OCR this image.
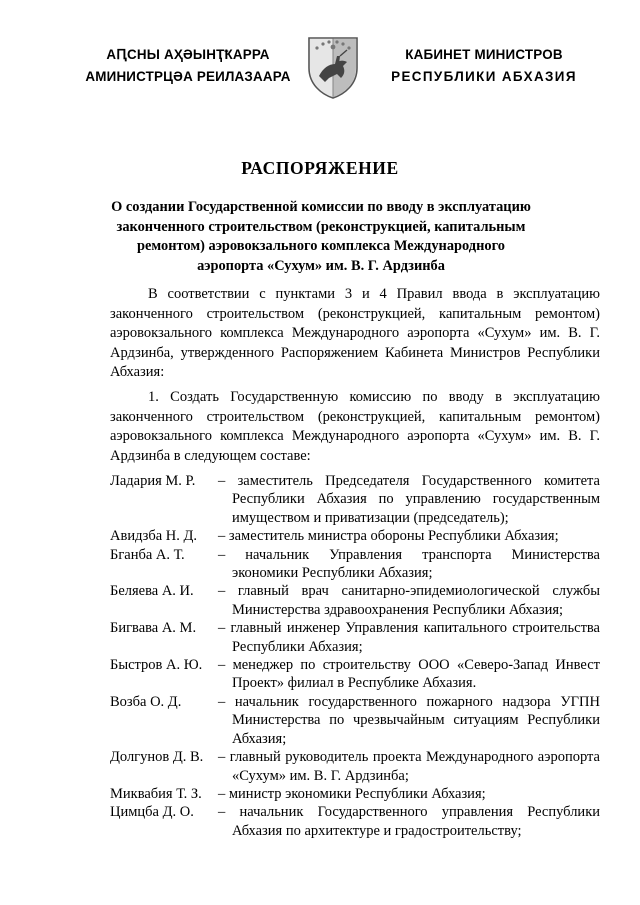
АԤСНЫ АҲӘЫНҬҞАРРА
АМИНИСТРЦӘА РЕИЛАЗААРА
КАБИНЕТ МИНИСТРОВ
РЕСПУБЛИКИ АБХАЗИЯ
РАСПОРЯЖЕНИЕ
О создании Государственной комиссии по вводу в эксплуатацию законченного строительством (реконструкцией, капитальным ремонтом) аэровокзального комплекса Международного аэропорта «Сухум» им. В. Г. Ардзинба
В соответствии с пунктами 3 и 4 Правил ввода в эксплуатацию законченного строительством (реконструкцией, капитальным ремонтом) аэровокзального комплекса Международного аэропорта «Сухум» им. В. Г. Ардзинба, утвержденного Распоряжением Кабинета Министров Республики Абхазия:
1. Создать Государственную комиссию по вводу в эксплуатацию законченного строительством (реконструкцией, капитальным ремонтом) аэровокзального комплекса Международного аэропорта «Сухум» им. В. Г. Ардзинба в следующем составе:
Ладария М. Р.	– заместитель Председателя Государственного комитета Республики Абхазия по управлению государственным имуществом и приватизации (председатель);
Авидзба Н. Д.	– заместитель министра обороны Республики Абхазия;
Бганба А. Т.	– начальник Управления транспорта Министерства экономики Республики Абхазия;
Беляева А. И.	– главный врач санитарно-эпидемиологической службы Министерства здравоохранения Республики Абхазия;
Бигвава А. М.	– главный инженер Управления капитального строительства Республики Абхазия;
Быстров А. Ю.	– менеджер по строительству ООО «Северо-Запад Инвест Проект» филиал в Республике Абхазия.
Возба О. Д.	– начальник государственного пожарного надзора УГПН Министерства по чрезвычайным ситуациям Республики Абхазия;
Долгунов Д. В.	– главный руководитель проекта Международного аэропорта «Сухум» им. В. Г. Ардзинба;
Миквабия Т. З.	– министр экономики Республики Абхазия;
Цимцба Д. О.	– начальник Государственного управления Республики Абхазия по архитектуре и градостроительству;
